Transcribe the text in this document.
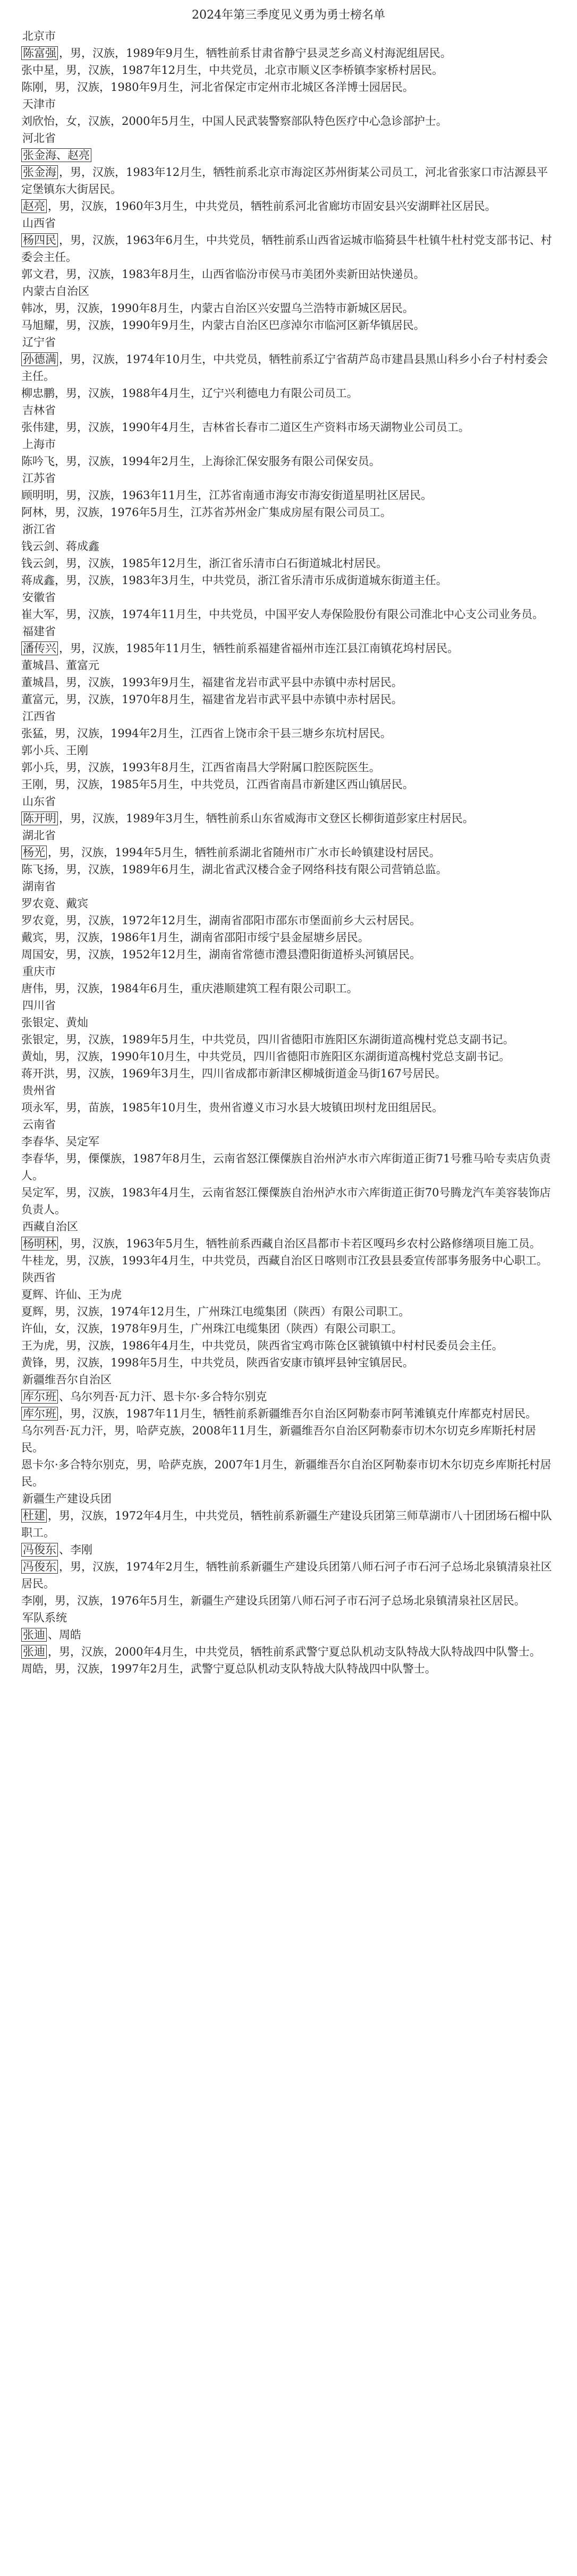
2024年第三季度见义勇为勇士榜名单

北京市

陈富强 ，男，汉族，1989年9月生，牺牲前系甘肃省静宁县灵芝乡高义村海泥组居民。

张中星，男，汉族，1987年12月生，中共党员，北京市顺义区李桥镇李家桥村居民。

陈刚，男，汉族，1980年9月生，河北省保定市定州市北城区各洋博士园居民。

天津市

刘欣怡，女，汉族，2000年5月生，中国人民武装警察部队特色医疗中心急诊部护士。

河北省

张金海、赵亮

张金海 ，男，汉族，1983年12月生，牺牲前系北京市海淀区苏州街某公司员工，河北省张家口市沽源县平定堡镇东大街居民。

赵亮 ，男，汉族，1960年3月生，中共党员，牺牲前系河北省廊坊市固安县兴安湖畔社区居民。

山西省

杨四民 ，男，汉族，1963年6月生，中共党员，牺牲前系山西省运城市临猗县牛杜镇牛杜村党支部书记、村委会主任。

郭文君，男，汉族，1983年8月生，山西省临汾市侯马市美团外卖新田站快递员。

内蒙古自治区

韩冰，男，汉族，1990年8月生，内蒙古自治区兴安盟乌兰浩特市新城区居民。

马旭耀，男，汉族，1990年9月生，内蒙古自治区巴彦淖尔市临河区新华镇居民。

辽宁省

孙德满 ，男，汉族，1974年10月生，中共党员，牺牲前系辽宁省葫芦岛市建昌县黑山科乡小台子村村委会主任。

柳忠鹏，男，汉族，1988年4月生，辽宁兴利德电力有限公司员工。

吉林省

张伟建，男，汉族，1990年4月生，吉林省长春市二道区生产资料市场天湖物业公司员工。

上海市

陈吟飞，男，汉族，1994年2月生，上海徐汇保安服务有限公司保安员。

江苏省

顾明明，男，汉族，1963年11月生，江苏省南通市海安市海安街道星明社区居民。

阿林，男，汉族，1976年5月生，江苏省苏州金广集成房屋有限公司员工。

浙江省

钱云剑、蒋成鑫

钱云剑，男，汉族，1985年12月生，浙江省乐清市白石街道城北村居民。

蒋成鑫，男，汉族，1983年3月生，中共党员，浙江省乐清市乐成街道城东街道主任。

安徽省

崔大军，男，汉族，1974年11月生，中共党员，中国平安人寿保险股份有限公司淮北中心支公司业务员。

福建省

潘传兴 ，男，汉族，1985年11月生，牺牲前系福建省福州市连江县江南镇花坞村居民。

董城昌、董富元

董城昌，男，汉族，1993年9月生，福建省龙岩市武平县中赤镇中赤村居民。

董富元，男，汉族，1970年8月生，福建省龙岩市武平县中赤镇中赤村居民。

江西省

张猛，男，汉族，1994年2月生，江西省上饶市余干县三塘乡东坑村居民。

郭小兵、王刚

郭小兵，男，汉族，1993年8月生，江西省南昌大学附属口腔医院医生。

王刚，男，汉族，1985年5月生，中共党员，江西省南昌市新建区西山镇居民。

山东省

陈开明 ，男，汉族，1989年3月生，牺牲前系山东省威海市文登区长柳街道彭家庄村居民。

湖北省

杨光 ，男，汉族，1994年5月生，牺牲前系湖北省随州市广水市长岭镇建设村居民。

陈飞扬，男，汉族，1989年6月生，湖北省武汉楼合金子网络科技有限公司营销总监。

湖南省

罗农竟、戴宾

罗农竟，男，汉族，1972年12月生，湖南省邵阳市邵东市堡面前乡大云村居民。

戴宾，男，汉族，1986年1月生，湖南省邵阳市绥宁县金屋塘乡居民。

周国安，男，汉族，1952年12月生，湖南省常德市澧县澧阳街道桥头河镇居民。

重庆市

唐伟，男，汉族，1984年6月生，重庆港顺建筑工程有限公司职工。

四川省

张银定、黄灿

张银定，男，汉族，1989年5月生，中共党员，四川省德阳市旌阳区东湖街道高槐村党总支副书记。

黄灿，男，汉族，1990年10月生，中共党员，四川省德阳市旌阳区东湖街道高槐村党总支副书记。

蒋开洪，男，汉族，1969年3月生，四川省成都市新津区柳城街道金马街167号居民。

贵州省

项永军，男，苗族，1985年10月生，贵州省遵义市习水县大坡镇田坝村龙田组居民。

云南省

李春华、吴定军

李春华，男，傈僳族，1987年8月生，云南省怒江傈僳族自治州泸水市六库街道正街71号雅马哈专卖店负责人。

吴定军，男，汉族，1983年4月生，云南省怒江傈僳族自治州泸水市六库街道正街70号腾龙汽车美容装饰店负责人。

西藏自治区

杨明林 ，男，汉族，1963年5月生，牺牲前系西藏自治区昌都市卡若区嘎玛乡农村公路修缮项目施工员。

牛桂龙，男，汉族，1993年4月生，中共党员，西藏自治区日喀则市江孜县县委宣传部事务服务中心职工。

陕西省

夏辉、许仙、王为虎

夏辉，男，汉族，1974年12月生，广州珠江电缆集团（陕西）有限公司职工。

许仙，女，汉族，1978年9月生，广州珠江电缆集团（陕西）有限公司职工。

王为虎，男，汉族，1986年4月生，中共党员，陕西省宝鸡市陈仓区虢镇镇中村村民委员会主任。

黄锋，男，汉族，1998年5月生，中共党员，陕西省安康市镇坪县钟宝镇居民。

新疆维吾尔自治区

库尔班 、乌尔列吾·瓦力汗、恩卡尔·多合特尔别克

库尔班 ，男，汉族，1987年11月生，牺牲前系新疆维吾尔自治区阿勒泰市阿苇滩镇克什库都克村居民。

乌尔列吾·瓦力汗，男，哈萨克族，2008年11月生，新疆维吾尔自治区阿勒泰市切木尔切克乡库斯托村居民。

恩卡尔·多合特尔别克，男，哈萨克族，2007年1月生，新疆维吾尔自治区阿勒泰市切木尔切克乡库斯托村居民。

新疆生产建设兵团

杜建 ，男，汉族，1972年4月生，中共党员，牺牲前系新疆生产建设兵团第三师草湖市八十团团场石榴中队职工。

冯俊东 、李刚

冯俊东 ，男，汉族，1974年2月生，牺牲前系新疆生产建设兵团第八师石河子市石河子总场北泉镇清泉社区居民。

李刚，男，汉族，1976年5月生，新疆生产建设兵团第八师石河子市石河子总场北泉镇清泉社区居民。

军队系统

张迪 、周皓

张迪 ，男，汉族，2000年4月生，中共党员，牺牲前系武警宁夏总队机动支队特战大队特战四中队警士。

周皓，男，汉族，1997年2月生，武警宁夏总队机动支队特战大队特战四中队警士。
